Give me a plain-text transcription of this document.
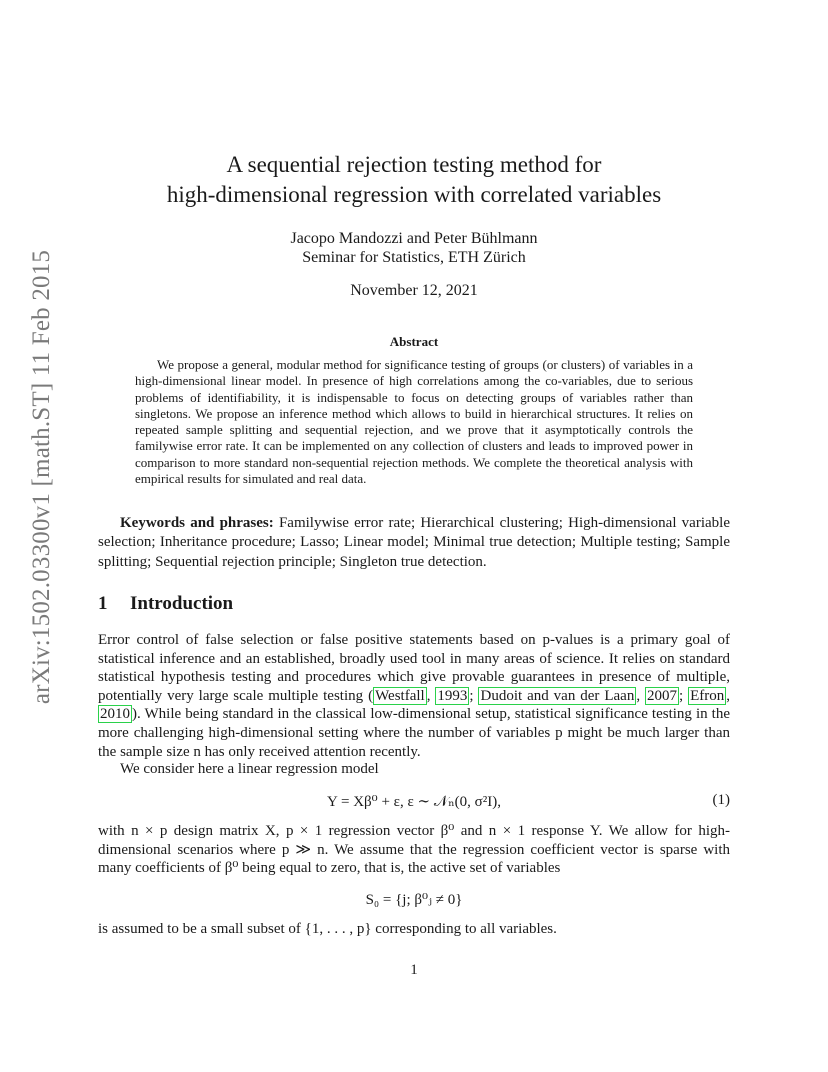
arXiv:1502.03300v1 [math.ST] 11 Feb 2015
A sequential rejection testing method for
high-dimensional regression with correlated variables
Jacopo Mandozzi and Peter Bühlmann
Seminar for Statistics, ETH Zürich
November 12, 2021
Abstract
We propose a general, modular method for significance testing of groups (or clusters) of variables in a high-dimensional linear model. In presence of high correlations among the co-variables, due to serious problems of identifiability, it is indispensable to focus on detecting groups of variables rather than singletons. We propose an inference method which allows to build in hierarchical structures. It relies on repeated sample splitting and sequential rejection, and we prove that it asymptotically controls the familywise error rate. It can be implemented on any collection of clusters and leads to improved power in comparison to more standard non-sequential rejection methods. We complete the theoretical analysis with empirical results for simulated and real data.
Keywords and phrases: Familywise error rate; Hierarchical clustering; High-dimensional variable selection; Inheritance procedure; Lasso; Linear model; Minimal true detection; Multiple testing; Sample splitting; Sequential rejection principle; Singleton true detection.
1 Introduction
Error control of false selection or false positive statements based on p-values is a primary goal of statistical inference and an established, broadly used tool in many areas of science. It relies on standard statistical hypothesis testing and procedures which give provable guarantees in presence of multiple, potentially very large scale multiple testing ( Westfall , 1993 ; Dudoit and van der Laan , 2007 ; Efron , 2010 ). While being standard in the classical low-dimensional setup, statistical significance testing in the more challenging high-dimensional setting where the number of variables p might be much larger than the sample size n has only received attention recently.
We consider here a linear regression model
Y = Xβ⁰ + ε, ε ∼ 𝒩ₙ(0, σ²I),	(1)
with n × p design matrix X, p × 1 regression vector β⁰ and n × 1 response Y. We allow for high-dimensional scenarios where p ≫ n. We assume that the regression coefficient vector is sparse with many coefficients of β⁰ being equal to zero, that is, the active set of variables
S₀ = {j; β⁰ⱼ ≠ 0}
is assumed to be a small subset of {1, . . . , p} corresponding to all variables.
1
